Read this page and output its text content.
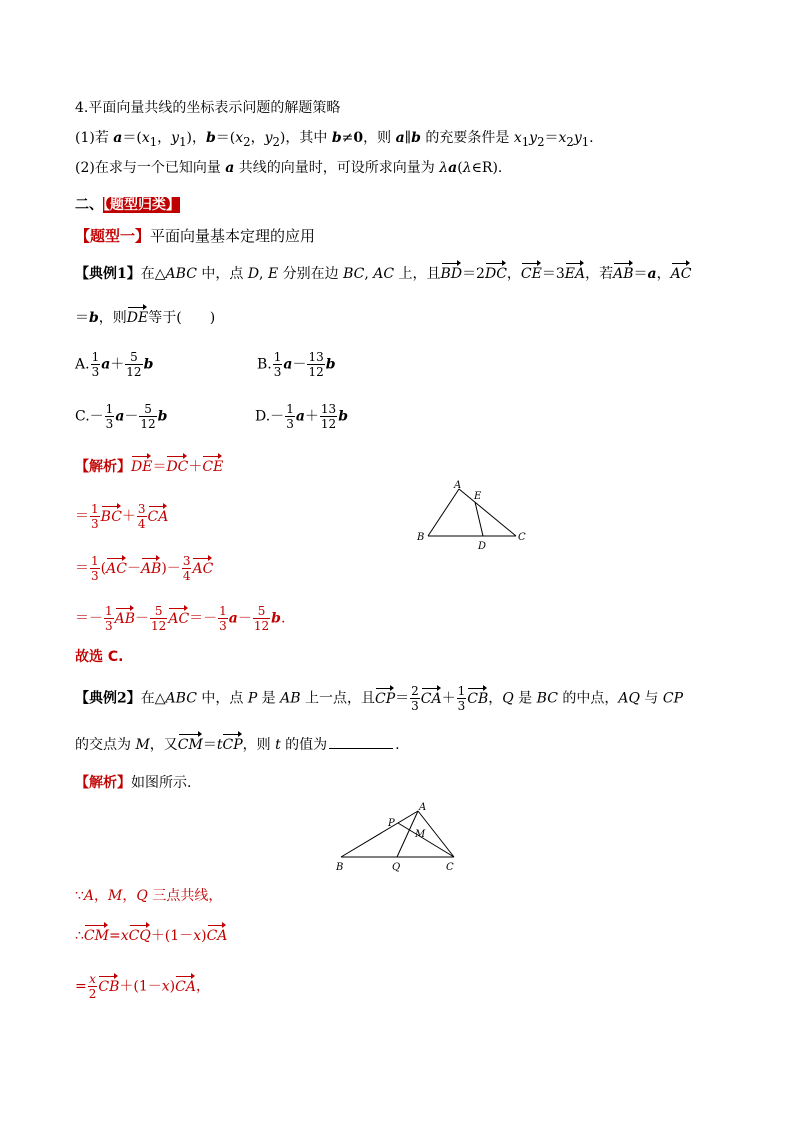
4.平面向量共线的坐标表示问题的解题策略
(1)若 $a=(x_1$，$y_1$)，$b=(x_2$，$y_2$)，其中 b≠0，则 a∥b 的充要条件是 $x_1y_2=x_2y_1$.
(2)在求与一个已知向量 a 共线的向量时，可设所求向量为 λa(λ∈R).
二、【题型归类】
【题型一】平面向量基本定理的应用
【典例1】在△ABC 中，点 D, E 分别在边 BC, AC 上，且BD＝2DC，CE＝3EA，若AB＝a，AC
＝b，则DE等于(　　)
A. $\frac{1}{3} a+ \frac{5}{12}$ b	B. $\frac{1}{3} a- \frac{13}{12}$ b
$C.- \frac{1}{3} a- \frac{5}{12}$ b	$D.- \frac{1}{3} a+ \frac{13}{12}$ b
【解析】DE＝DC＋CE
＝ $\frac{1}{3} BC+ \frac{3}{4}$ CA
＝ $\frac{1}{3} (AC-AB)- \frac{3}{4}$ AC
＝－ $\frac{1}{3} AB- \frac{5}{12} AC=- \frac{1}{3} a- \frac{5}{12} b$.
故选 C.
A
E
B
D
C
【典例2】在△ABC 中，点 P 是 AB 上一点，且$CP= \frac{2}{3} CA+ \frac{1}{3}$ CB，Q 是 BC 的中点，AQ 与 CP
的交点为 M，又CM＝tCP，则 t 的值为	.
【解析】如图所示.
A
P
M
B	Q	C
∵A，M，Q 三点共线，
∴CM=xCQ＋(1－x)CA
= $\frac{x}{2} CB+(1-x)CA$，
